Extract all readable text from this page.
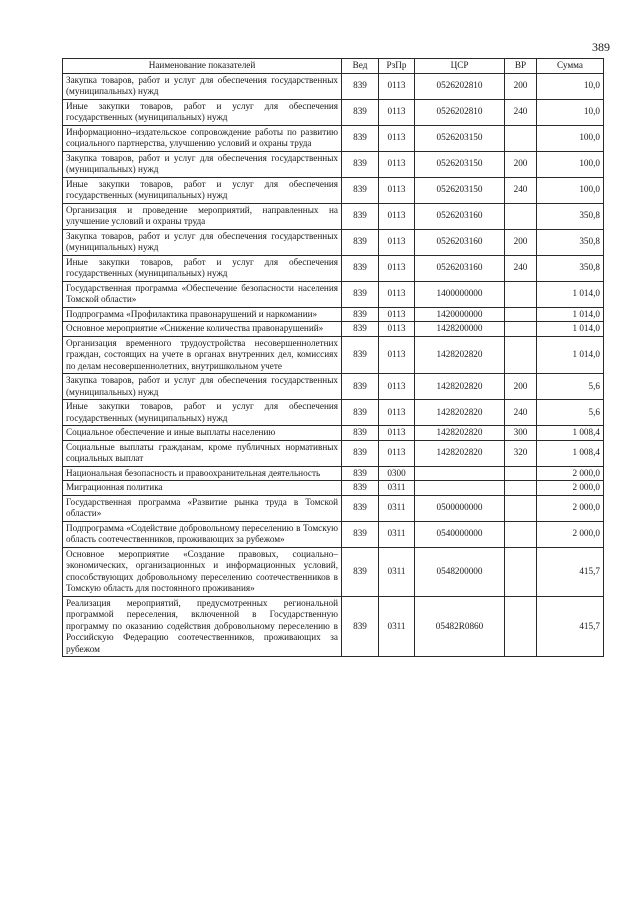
389
Наименование показателей	Вед	РзПр	ЦСР	ВР	Сумма
Закупка товаров, работ и услуг для обеспечения государственных (муниципальных) нужд	839	0113	0526202810	200	10,0
Иные закупки товаров, работ и услуг для обеспечения государственных (муниципальных) нужд	839	0113	0526202810	240	10,0
Информационно–издательское сопровождение работы по развитию социального партнерства, улучшению условий и охраны труда	839	0113	0526203150		100,0
Закупка товаров, работ и услуг для обеспечения государственных (муниципальных) нужд	839	0113	0526203150	200	100,0
Иные закупки товаров, работ и услуг для обеспечения государственных (муниципальных) нужд	839	0113	0526203150	240	100,0
Организация и проведение мероприятий, направленных на улучшение условий и охраны труда	839	0113	0526203160		350,8
Закупка товаров, работ и услуг для обеспечения государственных (муниципальных) нужд	839	0113	0526203160	200	350,8
Иные закупки товаров, работ и услуг для обеспечения государственных (муниципальных) нужд	839	0113	0526203160	240	350,8
Государственная программа «Обеспечение безопасности населения Томской области»	839	0113	1400000000		1 014,0
Подпрограмма «Профилактика правонарушений и наркомании»	839	0113	1420000000		1 014,0
Основное мероприятие «Снижение количества правонарушений»	839	0113	1428200000		1 014,0
Организация временного трудоустройства несовершеннолетних граждан, состоящих на учете в органах внутренних дел, комиссиях по делам несовершеннолетних, внутришкольном учете	839	0113	1428202820		1 014,0
Закупка товаров, работ и услуг для обеспечения государственных (муниципальных) нужд	839	0113	1428202820	200	5,6
Иные закупки товаров, работ и услуг для обеспечения государственных (муниципальных) нужд	839	0113	1428202820	240	5,6
Социальное обеспечение и иные выплаты населению	839	0113	1428202820	300	1 008,4
Социальные выплаты гражданам, кроме публичных нормативных социальных выплат	839	0113	1428202820	320	1 008,4
Национальная безопасность и правоохранительная деятельность	839	0300			2 000,0
Миграционная политика	839	0311			2 000,0
Государственная программа «Развитие рынка труда в Томской области»	839	0311	0500000000		2 000,0
Подпрограмма «Содействие добровольному переселению в Томскую область соотечественников, проживающих за рубежом»	839	0311	0540000000		2 000,0
Основное мероприятие «Создание правовых, социально–экономических, организационных и информационных условий, способствующих добровольному переселению соотечественников в Томскую область для постоянного проживания»	839	0311	0548200000		415,7
Реализация мероприятий, предусмотренных региональной программой переселения, включенной в Государственную программу по оказанию содействия добровольному переселению в Российскую Федерацию соотечественников, проживающих за рубежом	839	0311	05482R0860		415,7
